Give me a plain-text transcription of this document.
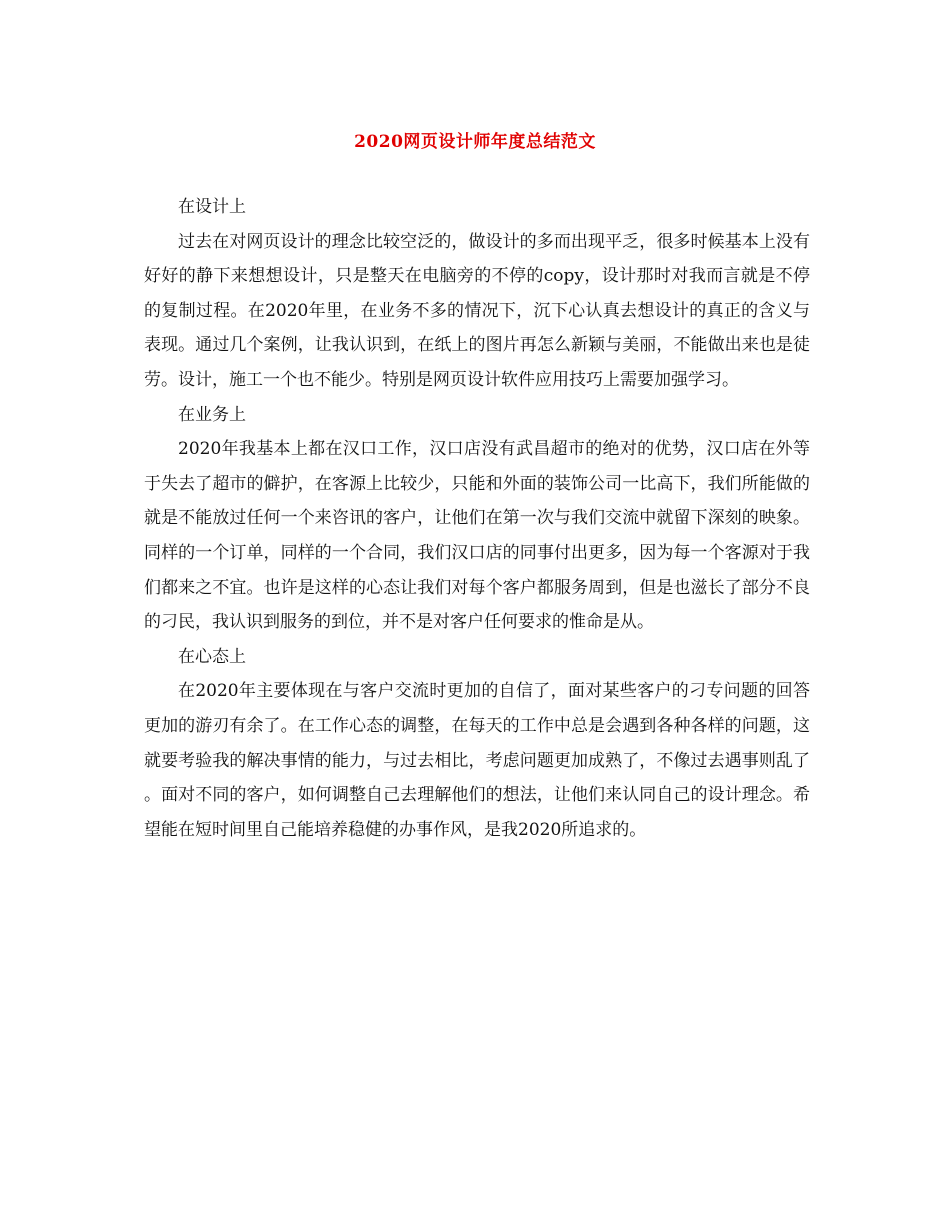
2020网页设计师年度总结范文

在设计上

过去在对网页设计的理念比较空泛的，做设计的多而出现平乏，很多时候基本上没有好好的静下来想想设计，只是整天在电脑旁的不停的copy，设计那时对我而言就是不停的复制过程。在2020年里，在业务不多的情况下，沉下心认真去想设计的真正的含义与表现。通过几个案例，让我认识到，在纸上的图片再怎么新颖与美丽，不能做出来也是徒劳。设计，施工一个也不能少。特别是网页设计软件应用技巧上需要加强学习。

在业务上

2020年我基本上都在汉口工作，汉口店没有武昌超市的绝对的优势，汉口店在外等于失去了超市的僻护，在客源上比较少，只能和外面的装饰公司一比高下，我们所能做的就是不能放过任何一个来咨讯的客户，让他们在第一次与我们交流中就留下深刻的映象。同样的一个订单，同样的一个合同，我们汉口店的同事付出更多，因为每一个客源对于我们都来之不宜。也许是这样的心态让我们对每个客户都服务周到，但是也滋长了部分不良的刁民，我认识到服务的到位，并不是对客户任何要求的惟命是从。

在心态上

在2020年主要体现在与客户交流时更加的自信了，面对某些客户的刁专问题的回答更加的游刃有余了。在工作心态的调整，在每天的工作中总是会遇到各种各样的问题，这就要考验我的解决事情的能力，与过去相比，考虑问题更加成熟了，不像过去遇事则乱了。面对不同的客户，如何调整自己去理解他们的想法，让他们来认同自己的设计理念。希望能在短时间里自己能培养稳健的办事作风，是我2020所追求的。
